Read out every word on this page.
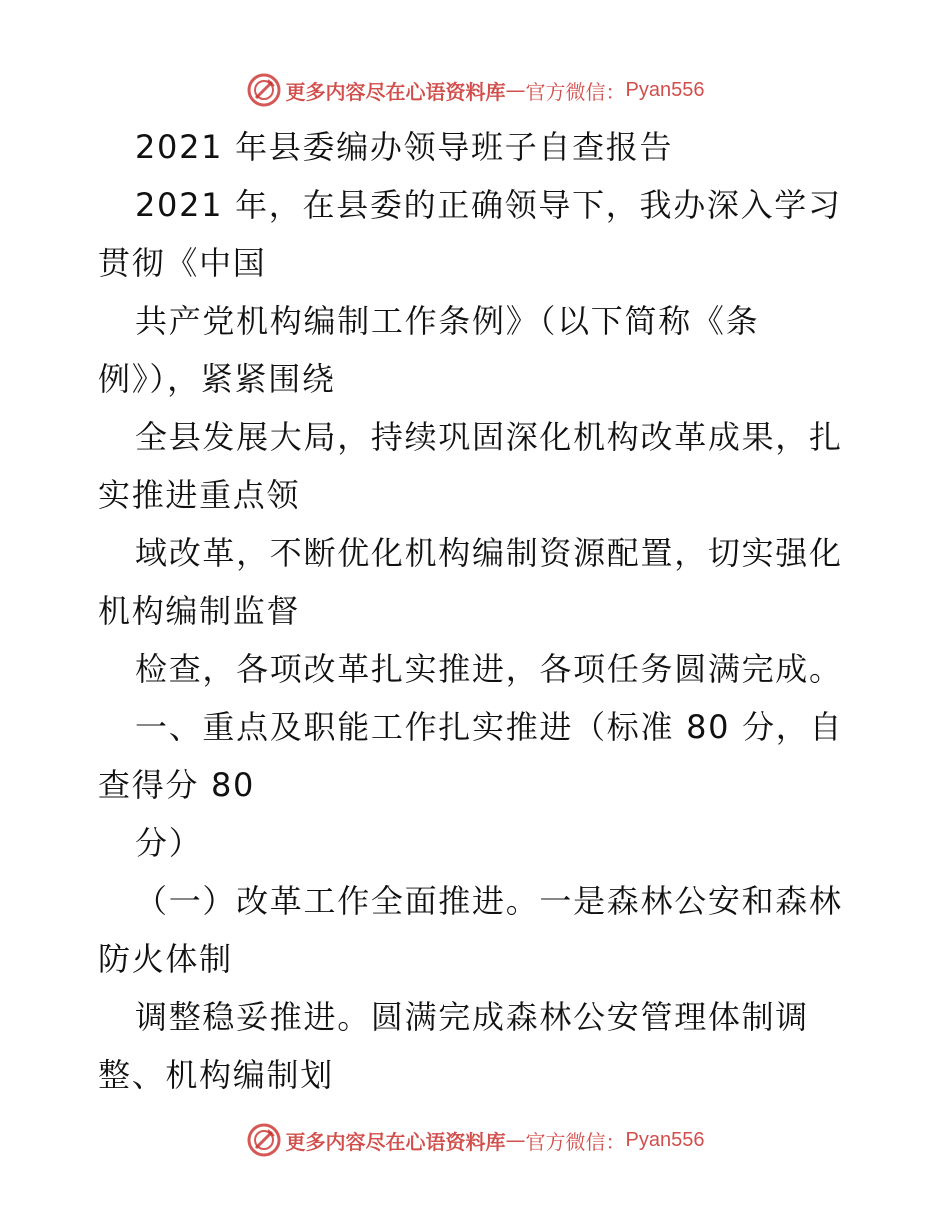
更多内容尽在心语资料库 — 官方微信： Pyan556
2021 年县委编办领导班子自查报告
2021 年，在县委的正确领导下，我办深入学习
贯彻《中国
共产党机构编制工作条例》（以下简称《条
例》），紧紧围绕
全县发展大局，持续巩固深化机构改革成果，扎
实推进重点领
域改革，不断优化机构编制资源配置，切实强化
机构编制监督
检查，各项改革扎实推进，各项任务圆满完成。
一、重点及职能工作扎实推进（标准 80 分，自
查得分 80
分）
（一）改革工作全面推进。一是森林公安和森林
防火体制
调整稳妥推进。圆满完成森林公安管理体制调
整、机构编制划
更多内容尽在心语资料库 — 官方微信： Pyan556
